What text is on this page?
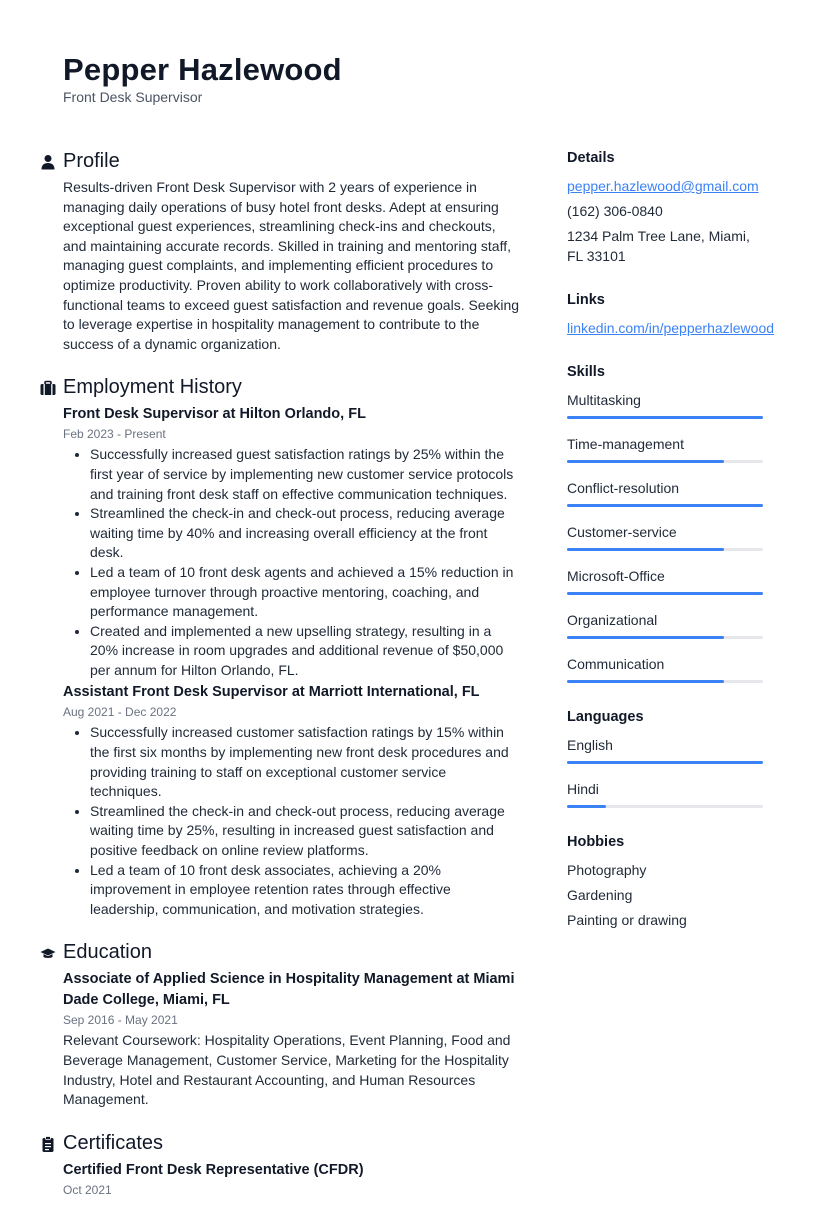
Pepper Hazlewood
Front Desk Supervisor
Profile
Results-driven Front Desk Supervisor with 2 years of experience in managing daily operations of busy hotel front desks. Adept at ensuring exceptional guest experiences, streamlining check-ins and checkouts, and maintaining accurate records. Skilled in training and mentoring staff, managing guest complaints, and implementing efficient procedures to optimize productivity. Proven ability to work collaboratively with cross-functional teams to exceed guest satisfaction and revenue goals. Seeking to leverage expertise in hospitality management to contribute to the success of a dynamic organization.
Employment History
Front Desk Supervisor at Hilton Orlando, FL
Feb 2023 - Present
• Successfully increased guest satisfaction ratings by 25% within the first year of service by implementing new customer service protocols and training front desk staff on effective communication techniques.
• Streamlined the check-in and check-out process, reducing average waiting time by 40% and increasing overall efficiency at the front desk.
• Led a team of 10 front desk agents and achieved a 15% reduction in employee turnover through proactive mentoring, coaching, and performance management.
• Created and implemented a new upselling strategy, resulting in a 20% increase in room upgrades and additional revenue of $50,000 per annum for Hilton Orlando, FL.
Assistant Front Desk Supervisor at Marriott International, FL
Aug 2021 - Dec 2022
• Successfully increased customer satisfaction ratings by 15% within the first six months by implementing new front desk procedures and providing training to staff on exceptional customer service techniques.
• Streamlined the check-in and check-out process, reducing average waiting time by 25%, resulting in increased guest satisfaction and positive feedback on online review platforms.
• Led a team of 10 front desk associates, achieving a 20% improvement in employee retention rates through effective leadership, communication, and motivation strategies.
Education
Associate of Applied Science in Hospitality Management at Miami Dade College, Miami, FL
Sep 2016 - May 2021
Relevant Coursework: Hospitality Operations, Event Planning, Food and Beverage Management, Customer Service, Marketing for the Hospitality Industry, Hotel and Restaurant Accounting, and Human Resources Management.
Certificates
Certified Front Desk Representative (CFDR)
Oct 2021
Details
pepper.hazlewood@gmail.com
(162) 306-0840
1234 Palm Tree Lane, Miami, FL 33101
Links
linkedin.com/in/pepperhazlewood
Skills
Multitasking
Time-management
Conflict-resolution
Customer-service
Microsoft-Office
Organizational
Communication
Languages
English
Hindi
Hobbies
Photography
Gardening
Painting or drawing
